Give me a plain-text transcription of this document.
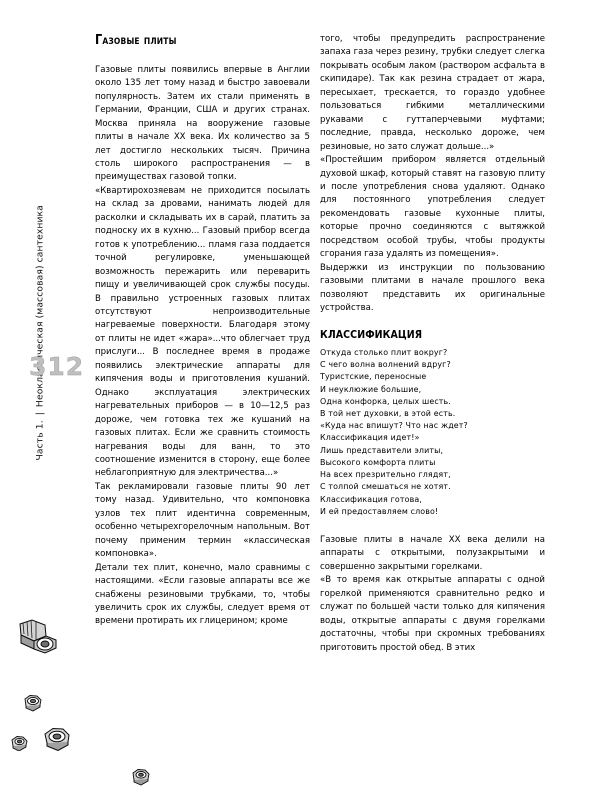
Часть 1.|Неоклассическая (массовая) сантехника
312
Газовые плиты

Газовые плиты появились впервые в Англии около 135 лет тому назад и быстро завоевали популярность. Затем их стали применять в Германии, Франции, США и других странах. Москва приняла на вооружение газовые плиты в начале ХХ века. Их количество за 5 лет достигло нескольких тысяч. Причина столь широкого распространения — в преимуществах газовой топки.

«Квартирохозяевам не приходится посылать на склад за дровами, нанимать людей для расколки и складывать их в сарай, платить за подноску их в кухню... Газовый прибор всегда готов к употреблению... пламя газа поддается точной регулировке, уменьшающей возможность пережарить или переварить пищу и увеличивающей срок службы посуды. В правильно устроенных газовых плитах отсутствуют непроизводительные нагреваемые поверхности. Благодаря этому от плиты не идет «жара»...что облегчает труд прислуги... В последнее время в продаже появились электрические аппараты для кипячения воды и приготовления кушаний. Однако эксплуатация электрических нагревательных приборов — в 10—12,5 раз дороже, чем готовка тех же кушаний на газовых плитах. Если же сравнить стоимость нагревания воды для ванн, то это соотношение изменится в сторону, еще более неблагоприятную для электричества...»

Так рекламировали газовые плиты 90 лет тому назад. Удивительно, что компоновка узлов тех плит идентична современным, особенно четырехгорелочным напольным. Вот почему применим термин «классическая компоновка».

Детали тех плит, конечно, мало сравнимы с настоящими. «Если газовые аппараты все же снабжены резиновыми трубками, то, чтобы увеличить срок их службы, следует время от времени протирать их глицерином; кроме

того, чтобы предупредить распространение запаха газа через резину, трубки следует слегка покрывать особым лаком (раствором асфальта в скипидаре). Так как резина страдает от жара, пересыхает, трескается, то гораздо удобнее пользоваться гибкими металлическими рукавами с гуттаперчевыми муфтами; последние, правда, несколько дороже, чем резиновые, но зато служат дольше...»

«Простейшим прибором является отдельный духовой шкаф, который ставят на газовую плиту и после употребления снова удаляют. Однако для постоянного употребления следует рекомендовать газовые кухонные плиты, которые прочно соединяются с вытяжкой посредством особой трубы, чтобы продукты сгорания газа удалять из помещения».

Выдержки из инструкции по пользованию газовыми плитами в начале прошлого века позволяют представить их оригинальные устройства.

КЛАССИФИКАЦИЯ
Откуда столько плит вокруг?
С чего волна волнений вдруг?
Туристские, переносные
И неуклюжие большие,
Одна конфорка, целых шесть.
В той нет духовки, в этой есть.
«Куда нас впишут? Что нас ждет?
Классификация идет!»
Лишь представители элиты,
Высокого комфорта плиты
На всех презрительно глядят,
С толпой смешаться не хотят.
Классификация готова,
И ей предоставляем слово!

Газовые плиты в начале ХХ века делили на аппараты с открытыми, полузакрытыми и совершенно закрытыми горелками.

«В то время как открытые аппараты с одной горелкой применяются сравнительно редко и служат по большей части только для кипячения воды, открытые аппараты с двумя горелками достаточны, чтобы при скромных требованиях приготовить простой обед. В этих
